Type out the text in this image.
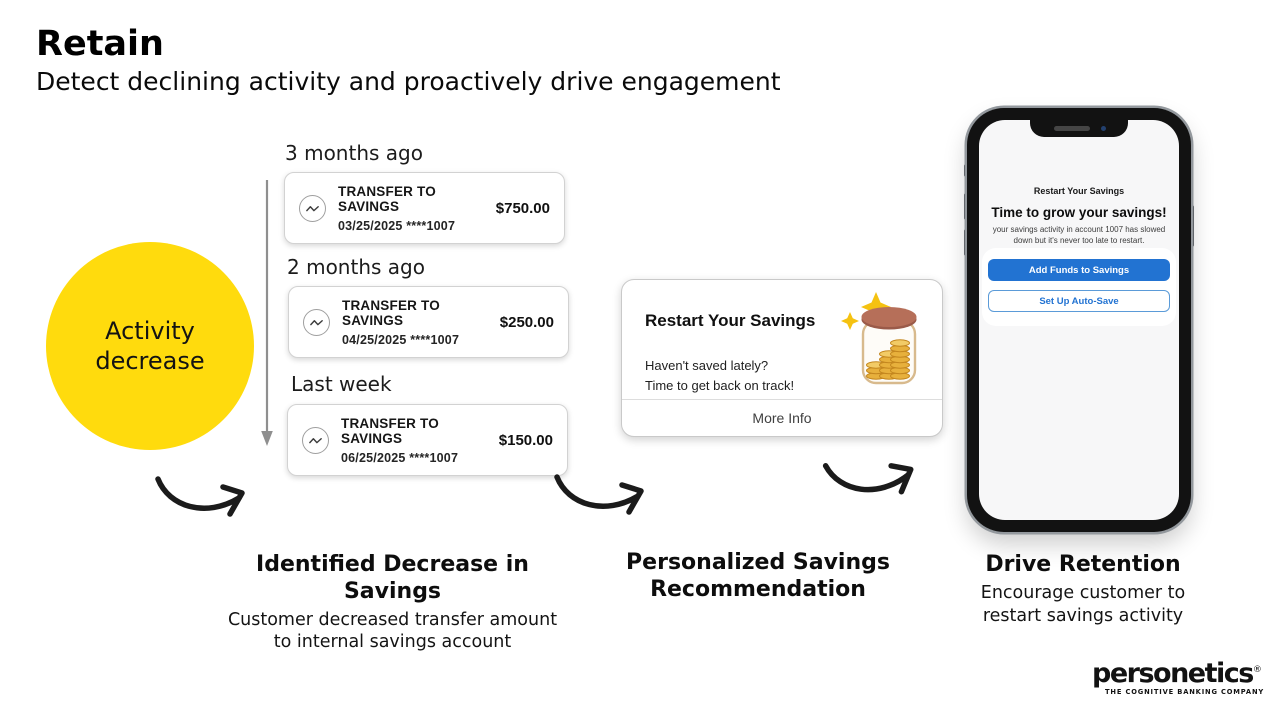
Retain
Detect declining activity and proactively drive engagement
Activity
decrease
3 months ago
2 months ago
Last week
TRANSFER TO SAVINGS
03/25/2025 ****1007
$750.00
TRANSFER TO SAVINGS
04/25/2025 ****1007
$250.00
TRANSFER TO SAVINGS
06/25/2025 ****1007
$150.00
Restart Your Savings
Haven't saved lately?
Time to get back on track!
More Info
Restart Your Savings
Time to grow your savings!
your savings activity in account 1007 has slowed down but it's never too late to restart.
Add Funds to Savings
Set Up Auto-Save
Identified Decrease in Savings
Customer decreased transfer amount
to internal savings account
Personalized Savings
Recommendation
Drive Retention
Encourage customer to
restart savings activity
personetics®
THE COGNITIVE BANKING COMPANY
